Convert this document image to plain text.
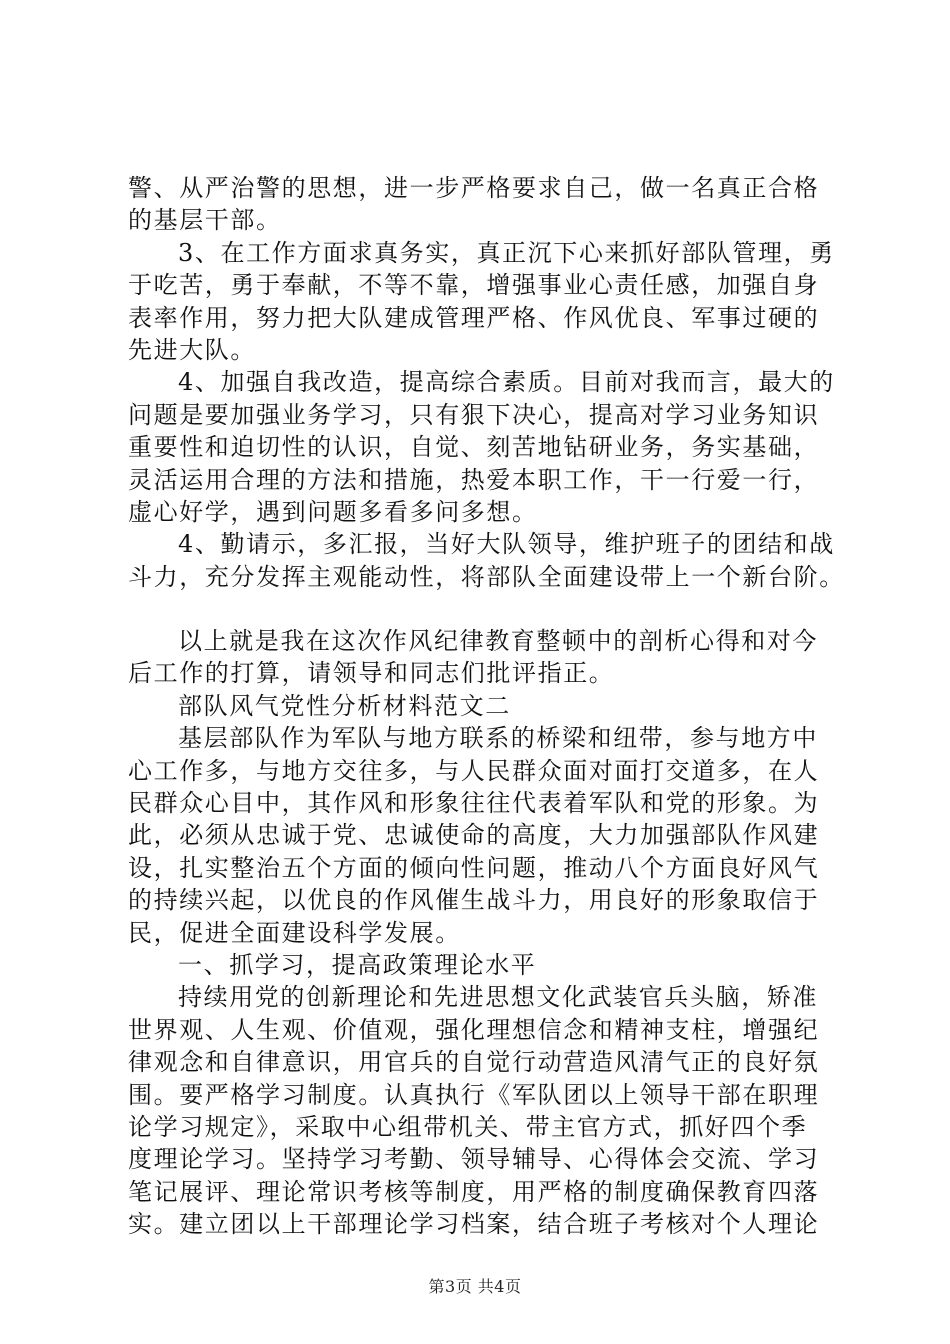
警、从严治警的思想，进一步严格要求自己，做一名真正合格
的基层干部。
3、在工作方面求真务实，真正沉下心来抓好部队管理，勇
于吃苦，勇于奉献，不等不靠，增强事业心责任感，加强自身
表率作用，努力把大队建成管理严格、作风优良、军事过硬的
先进大队。
4、加强自我改造，提高综合素质。目前对我而言，最大的
问题是要加强业务学习，只有狠下决心，提高对学习业务知识
重要性和迫切性的认识，自觉、刻苦地钻研业务，务实基础，
灵活运用合理的方法和措施，热爱本职工作，干一行爱一行，
虚心好学，遇到问题多看多问多想。
4、勤请示，多汇报，当好大队领导，维护班子的团结和战
斗力，充分发挥主观能动性，将部队全面建设带上一个新台阶。
以上就是我在这次作风纪律教育整顿中的剖析心得和对今
后工作的打算，请领导和同志们批评指正。
部队风气党性分析材料范文二
基层部队作为军队与地方联系的桥梁和纽带，参与地方中
心工作多，与地方交往多，与人民群众面对面打交道多，在人
民群众心目中，其作风和形象往往代表着军队和党的形象。为
此，必须从忠诚于党、忠诚使命的高度，大力加强部队作风建
设，扎实整治五个方面的倾向性问题，推动八个方面良好风气
的持续兴起，以优良的作风催生战斗力，用良好的形象取信于
民，促进全面建设科学发展。
一、抓学习，提高政策理论水平
持续用党的创新理论和先进思想文化武装官兵头脑，矫准
世界观、人生观、价值观，强化理想信念和精神支柱，增强纪
律观念和自律意识，用官兵的自觉行动营造风清气正的良好氛
围。要严格学习制度。认真执行《军队团以上领导干部在职理
论学习规定》，采取中心组带机关、带主官方式，抓好四个季
度理论学习。坚持学习考勤、领导辅导、心得体会交流、学习
笔记展评、理论常识考核等制度，用严格的制度确保教育四落
实。建立团以上干部理论学习档案，结合班子考核对个人理论
第3页 共4页
